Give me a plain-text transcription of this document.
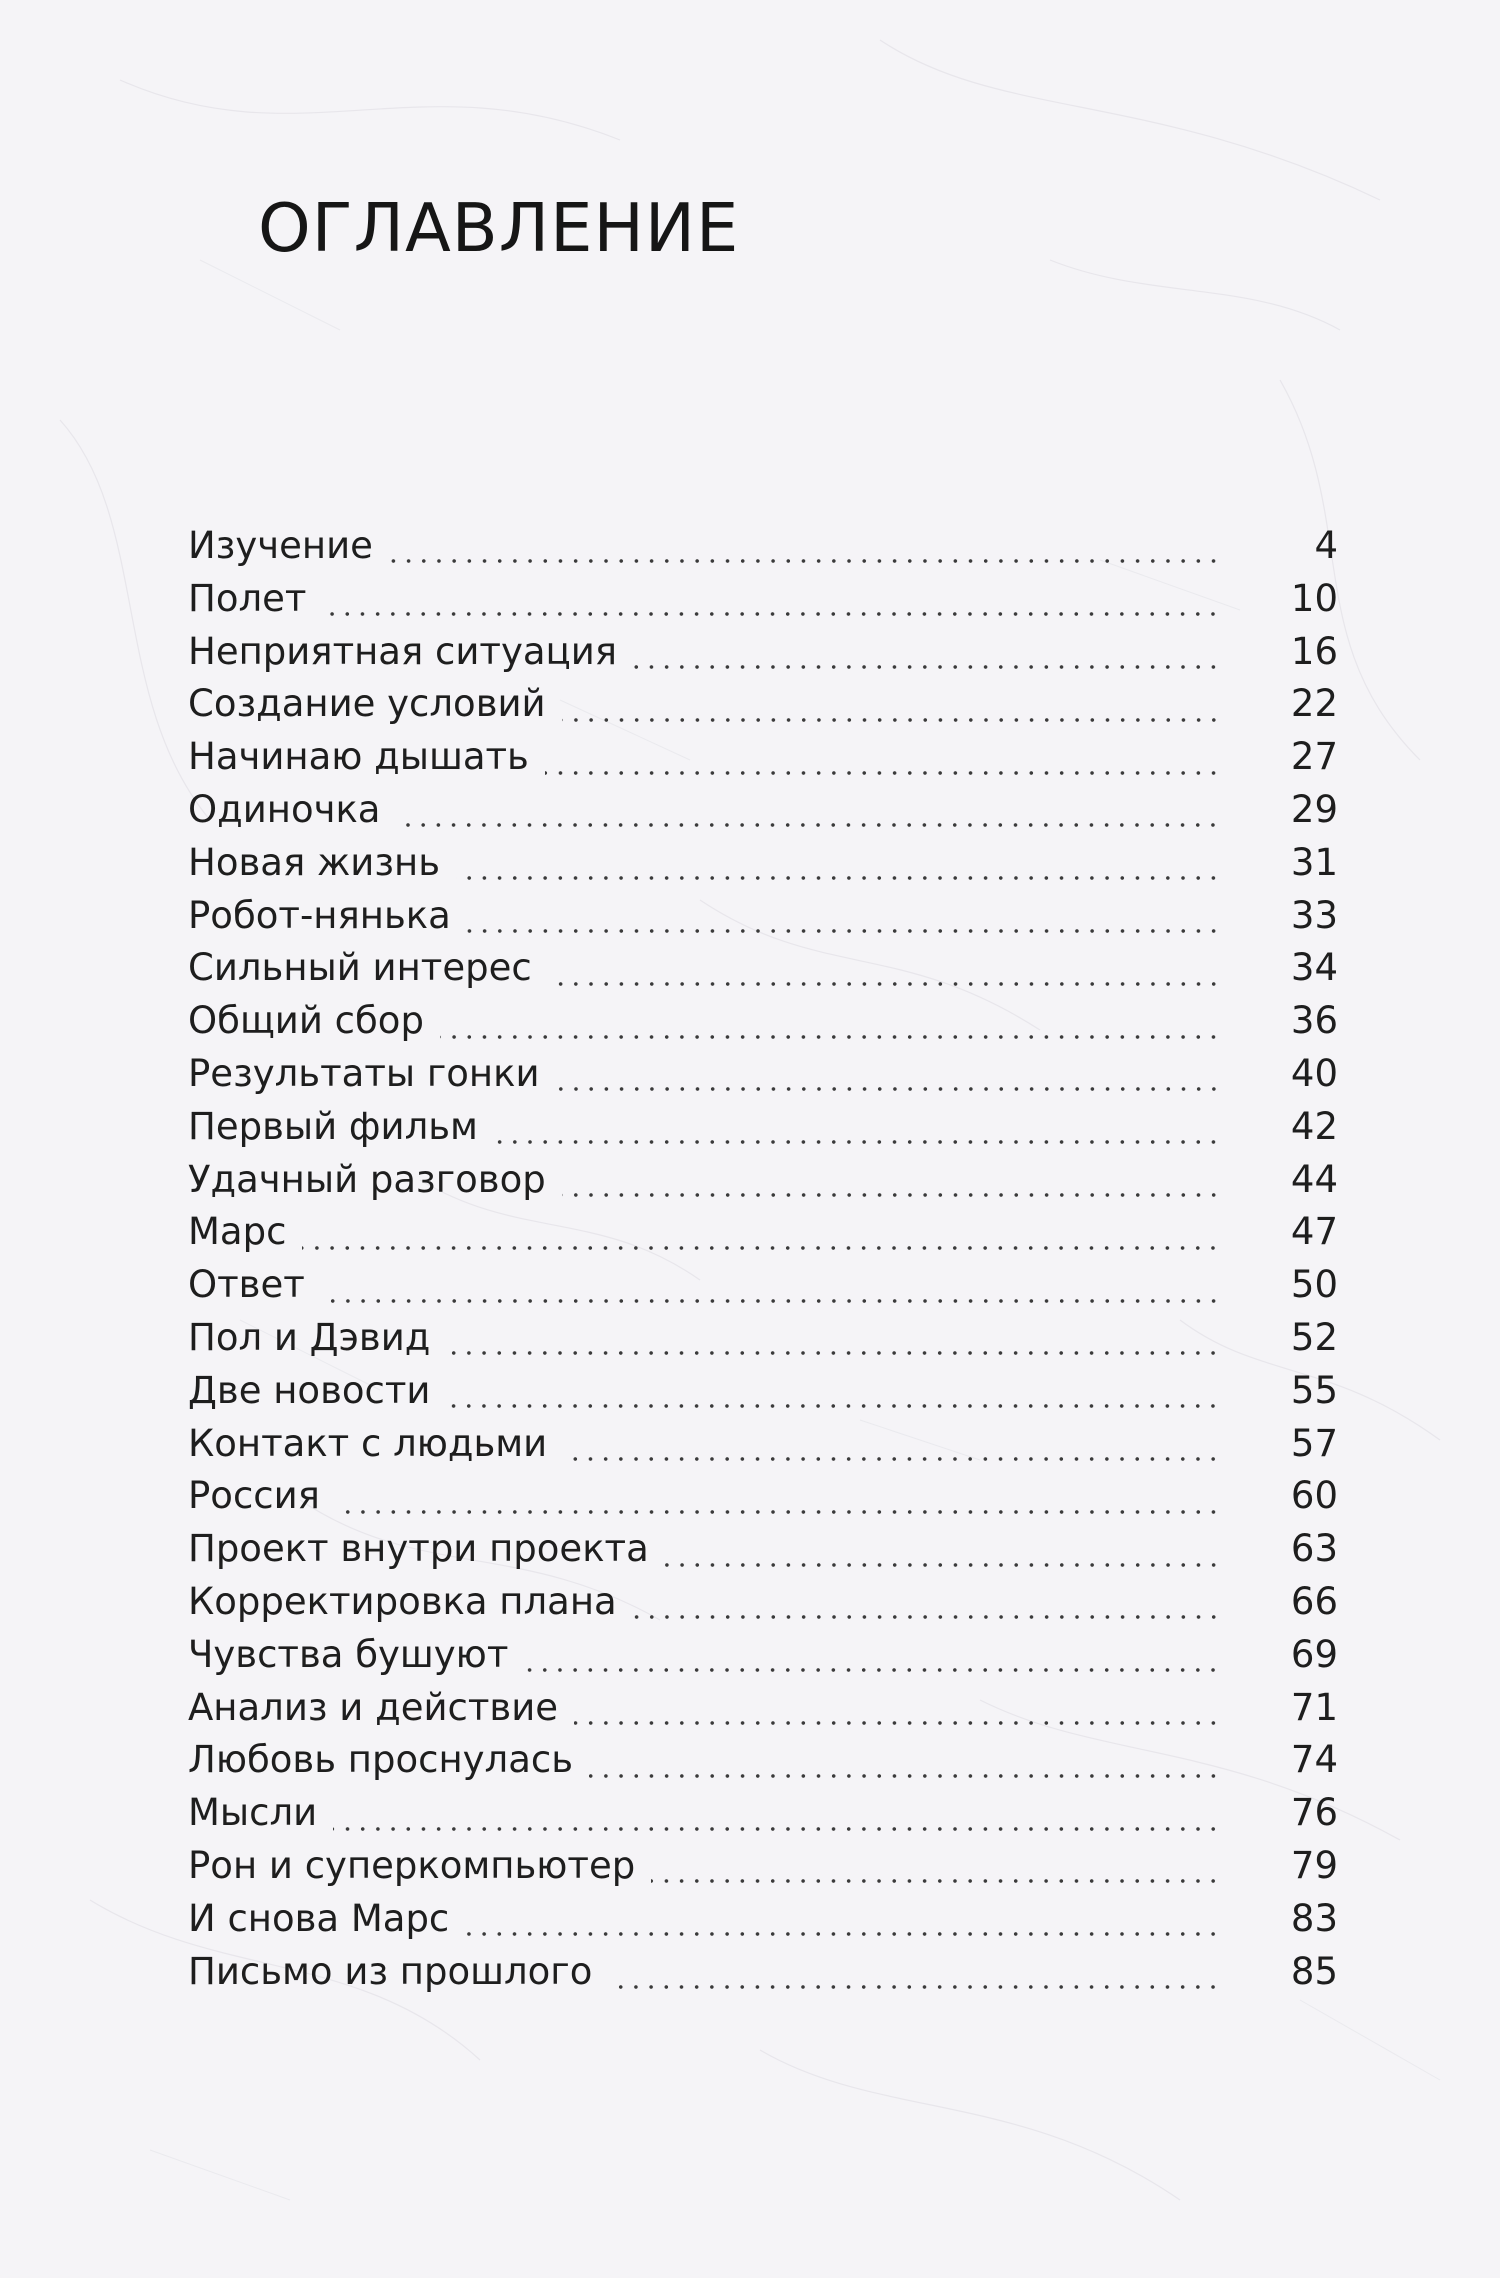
ОГЛАВЛЕНИЕ
Изучение	4
Полет	10
Неприятная ситуация	16
Создание условий	22
Начинаю дышать	27
Одиночка	29
Новая жизнь	31
Робот-нянька	33
Сильный интерес	34
Общий сбор	36
Результаты гонки	40
Первый фильм	42
Удачный разговор	44
Марс	47
Ответ	50
Пол и Дэвид	52
Две новости	55
Контакт с людьми	57
Россия	60
Проект внутри проекта	63
Корректировка плана	66
Чувства бушуют	69
Анализ и действие	71
Любовь проснулась	74
Мысли	76
Рон и суперкомпьютер	79
И снова Марс	83
Письмо из прошлого	85
